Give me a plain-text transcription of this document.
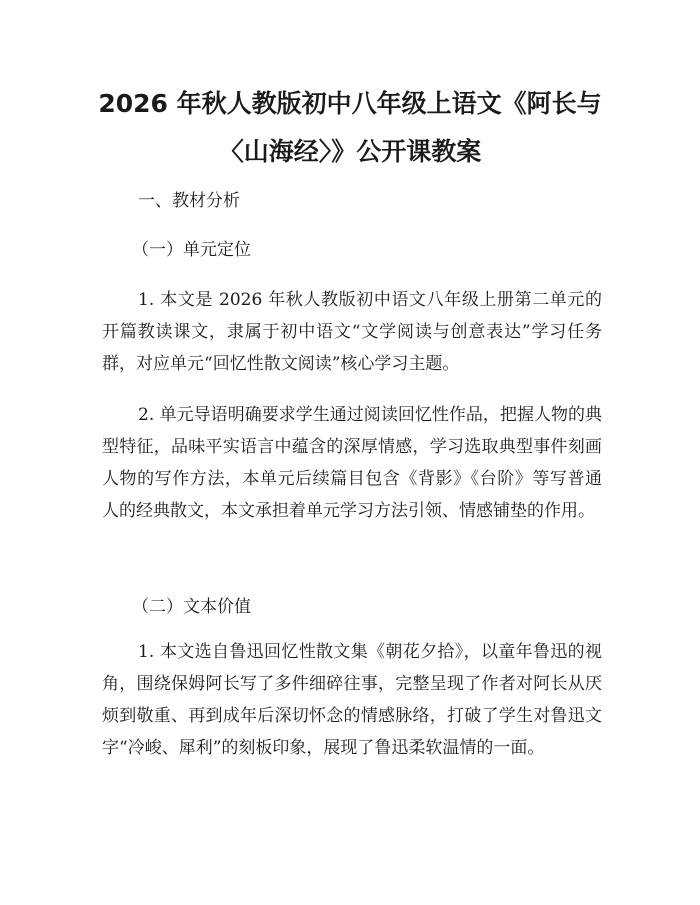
2026 年秋人教版初中八年级上语文《阿长与
〈山海经〉》公开课教案

一、教材分析

（一）单元定位

1. 本文是 2026 年秋人教版初中语文八年级上册第二单元的开篇教读课文，隶属于初中语文“文学阅读与创意表达”学习任务群，对应单元“回忆性散文阅读”核心学习主题。

2. 单元导语明确要求学生通过阅读回忆性作品，把握人物的典型特征，品味平实语言中蕴含的深厚情感，学习选取典型事件刻画人物的写作方法，本单元后续篇目包含《背影》《台阶》等写普通人的经典散文，本文承担着单元学习方法引领、情感铺垫的作用。

（二）文本价值

1. 本文选自鲁迅回忆性散文集《朝花夕拾》，以童年鲁迅的视角，围绕保姆阿长写了多件细碎往事，完整呈现了作者对阿长从厌烦到敬重、再到成年后深切怀念的情感脉络，打破了学生对鲁迅文字“冷峻、犀利”的刻板印象，展现了鲁迅柔软温情的一面。
